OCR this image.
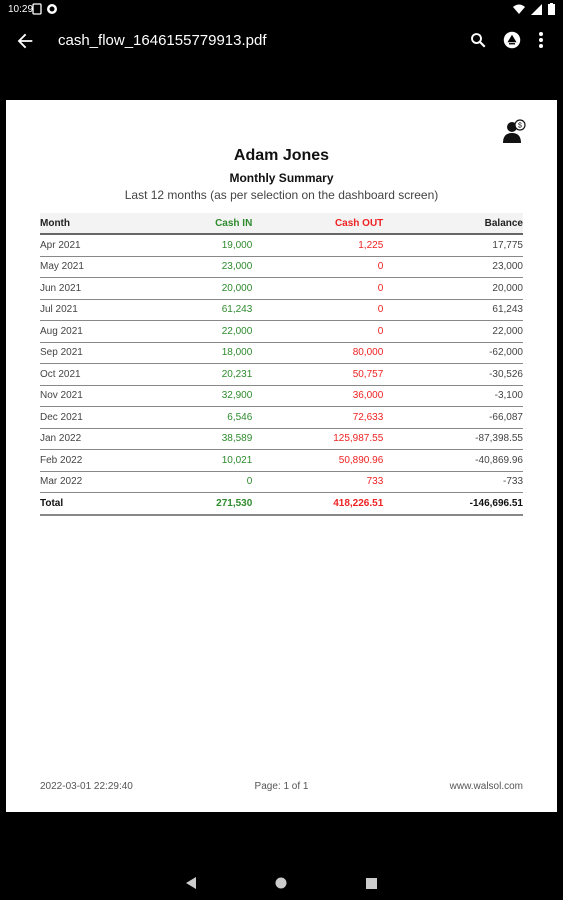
10:29
cash_flow_1646155779913.pdf
$
Adam Jones
Monthly Summary
Last 12 months (as per selection on the dashboard screen)
Month	Cash IN	Cash OUT	Balance
Apr 2021	19,000	1,225	17,775
May 2021	23,000	0	23,000
Jun 2021	20,000	0	20,000
Jul 2021	61,243	0	61,243
Aug 2021	22,000	0	22,000
Sep 2021	18,000	80,000	-62,000
Oct 2021	20,231	50,757	-30,526
Nov 2021	32,900	36,000	-3,100
Dec 2021	6,546	72,633	-66,087
Jan 2022	38,589	125,987.55	-87,398.55
Feb 2022	10,021	50,890.96	-40,869.96
Mar 2022	0	733	-733
Total	271,530	418,226.51	-146,696.51
2022-03-01 22:29:40	Page: 1 of 1	www.walsol.com
